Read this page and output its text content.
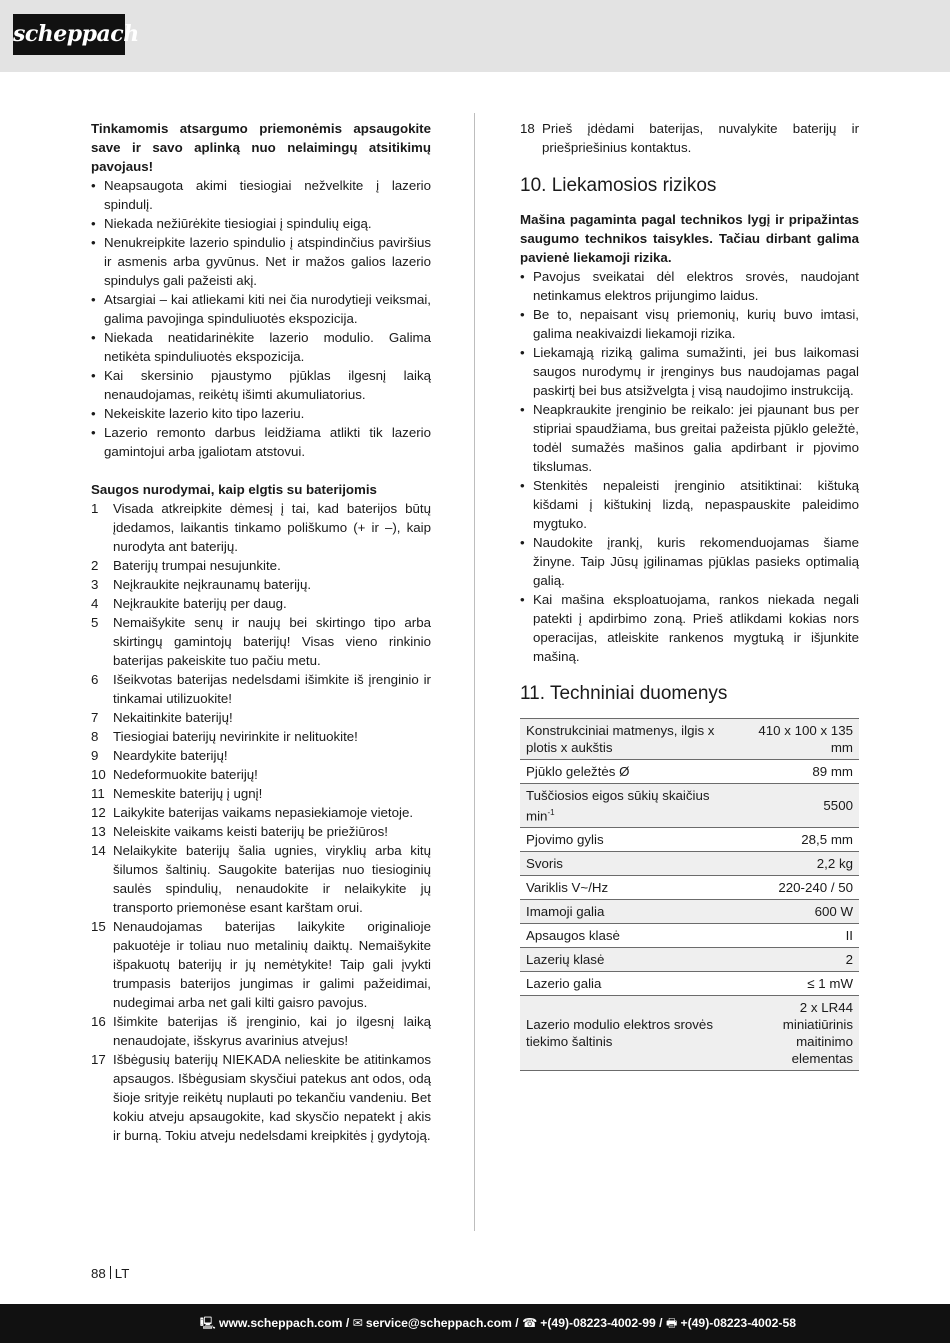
scheppach

Tinkamomis atsargumo priemonėmis apsaugokite save ir savo aplinką nuo nelaimingų atsitikimų pavojaus!

• Neapsaugota akimi tiesiogiai nežvelkite į lazerio spindulį.
• Niekada nežiūrėkite tiesiogiai į spindulių eigą.
• Nenukreipkite lazerio spindulio į atspindinčius paviršius ir asmenis arba gyvūnus. Net ir mažos galios lazerio spindulys gali pažeisti akį.
• Atsargiai – kai atliekami kiti nei čia nurodytieji veiksmai, galima pavojinga spinduliuotės ekspozicija.
• Niekada neatidarinėkite lazerio modulio. Galima netikėta spinduliuotės ekspozicija.
• Kai skersinio pjaustymo pjūklas ilgesnį laiką nenaudojamas, reikėtų išimti akumuliatorius.
• Nekeiskite lazerio kito tipo lazeriu.
• Lazerio remonto darbus leidžiama atlikti tik lazerio gamintojui arba įgaliotam atstovui.
Saugos nurodymai, kaip elgtis su baterijomis
1 Visada atkreipkite dėmesį į tai, kad baterijos būtų įdedamos, laikantis tinkamo poliškumo (+ ir –), kaip nurodyta ant baterijų.
2 Baterijų trumpai nesujunkite.
3 Neįkraukite neįkraunamų baterijų.
4 Neįkraukite baterijų per daug.
5 Nemaišykite senų ir naujų bei skirtingo tipo arba skirtingų gamintojų baterijų! Visas vieno rinkinio baterijas pakeiskite tuo pačiu metu.
6 Išeikvotas baterijas nedelsdami išimkite iš įrenginio ir tinkamai utilizuokite!
7 Nekaitinkite baterijų!
8 Tiesiogiai baterijų nevirinkite ir nelituokite!
9 Neardykite baterijų!
10 Nedeformuokite baterijų!
11 Nemeskite baterijų į ugnį!
12 Laikykite baterijas vaikams nepasiekiamoje vietoje.
13 Neleiskite vaikams keisti baterijų be priežiūros!
14 Nelaikykite baterijų šalia ugnies, viryklių arba kitų šilumos šaltinių. Saugokite baterijas nuo tiesioginių saulės spindulių, nenaudokite ir nelaikykite jų transporto priemonėse esant karštam orui.
15 Nenaudojamas baterijas laikykite originalioje pakuotėje ir toliau nuo metalinių daiktų. Nemaišykite išpakuotų baterijų ir jų nemėtykite! Taip gali įvykti trumpasis baterijos jungimas ir galimi pažeidimai, nudegimai arba net gali kilti gaisro pavojus.
16 Išimkite baterijas iš įrenginio, kai jo ilgesnį laiką nenaudojate, išskyrus avarinius atvejus!
17 Išbėgusių baterijų NIEKADA nelieskite be atitinkamos apsaugos. Išbėgusiam skysčiui patekus ant odos, odą šioje srityje reikėtų nuplauti po tekančiu vandeniu. Bet kokiu atveju apsaugokite, kad skysčio nepatekt į akis ir burną. Tokiu atveju nedelsdami kreipkitės į gydytoją.
18 Prieš įdėdami baterijas, nuvalykite baterijų ir priešpriešinius kontaktus.
10. Liekamosios rizikos

Mašina pagaminta pagal technikos lygį ir pripažintas saugumo technikos taisykles. Tačiau dirbant galima pavienė liekamoji rizika.

• Pavojus sveikatai dėl elektros srovės, naudojant netinkamus elektros prijungimo laidus.
• Be to, nepaisant visų priemonių, kurių buvo imtasi, galima neakivaizdi liekamoji rizika.
• Liekamąją riziką galima sumažinti, jei bus laikomasi saugos nurodymų ir įrenginys bus naudojamas pagal paskirtį bei bus atsižvelgta į visą naudojimo instrukciją.
• Neapkraukite įrenginio be reikalo: jei pjaunant bus per stipriai spaudžiama, bus greitai pažeista pjūklo geležtė, todėl sumažės mašinos galia apdirbant ir pjovimo tikslumas.
• Stenkitės nepaleisti įrenginio atsitiktinai: kištuką kišdami į kištukinį lizdą, nepaspauskite paleidimo mygtuko.
• Naudokite įrankį, kuris rekomenduojamas šiame žinyne. Taip Jūsų įgilinamas pjūklas pasieks optimalią galią.
• Kai mašina eksploatuojama, rankos niekada negali patekti į apdirbimo zoną. Prieš atlikdami kokias nors operacijas, atleiskite rankenos mygtuką ir išjunkite mašiną.
11. Techniniai duomenys
Konstrukciniai matmenys, ilgis x plotis x aukštis	410 x 100 x 135 mm
Pjūklo geležtės Ø	89 mm
Tuščiosios eigos sūkių skaičius $\min^{-1}$	5500
Pjovimo gylis	28,5 mm
Svoris	2,2 kg
Variklis V~/Hz	220-240 / 50
Imamoji galia	600 W
Apsaugos klasė	II
Lazerių klasė	2
Lazerio galia	≤ 1 mW
Lazerio modulio elektros srovės tiekimo šaltinis	2 x LR44 miniatiūrinis maitinimo elementas
88 LT
🖳 www.scheppach.com / ✉ service@scheppach.com / ☎ +(49)-08223-4002-99 / 🖶 +(49)-08223-4002-58
